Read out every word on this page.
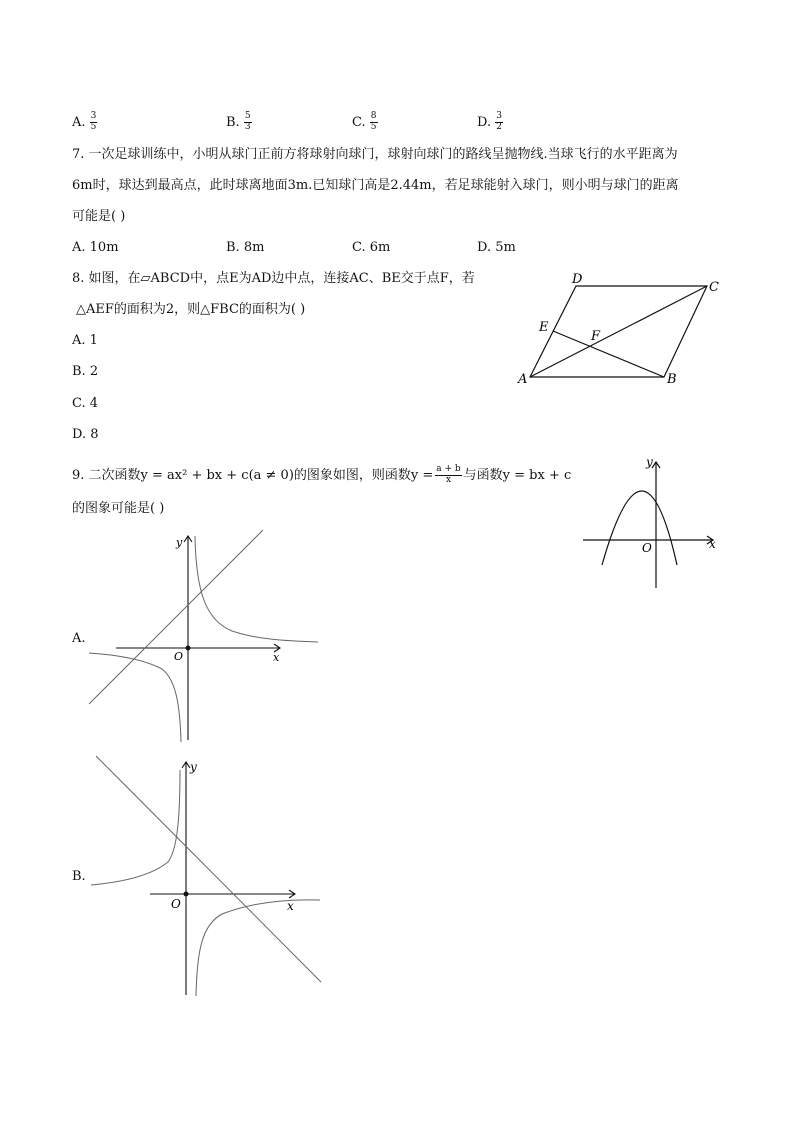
A. $\frac{3}{5}$	B. $\frac{5}{3}$	C. $\frac{8}{5}$	D. $\frac{3}{2}$
7. 一次足球训练中，小明从球门正前方将球射向球门，球射向球门的路线呈抛物线.当球飞行的水平距离为
6m时，球达到最高点，此时球离地面3m.已知球门高是2.44m，若足球能射入球门，则小明与球门的距离
可能是( )
A. 10m	B. 8m	C. 6m	D. 5m
8. 如图，在▱ABCD中，点E为AD边中点，连接AC、BE交于点F，若
△AEF的面积为2，则△FBC的面积为( )
A. 1
B. 2
C. 4
D. 8
A	B
C
D
E
F
9. 二次函数y = ax² + bx + c(a ≠ 0)的图象如图，则函数$y = \frac{a + b}{x}$ 与函数y = bx + c
的图象可能是( )
x
y
O
A.
x
y
O
B.
x
y
O
